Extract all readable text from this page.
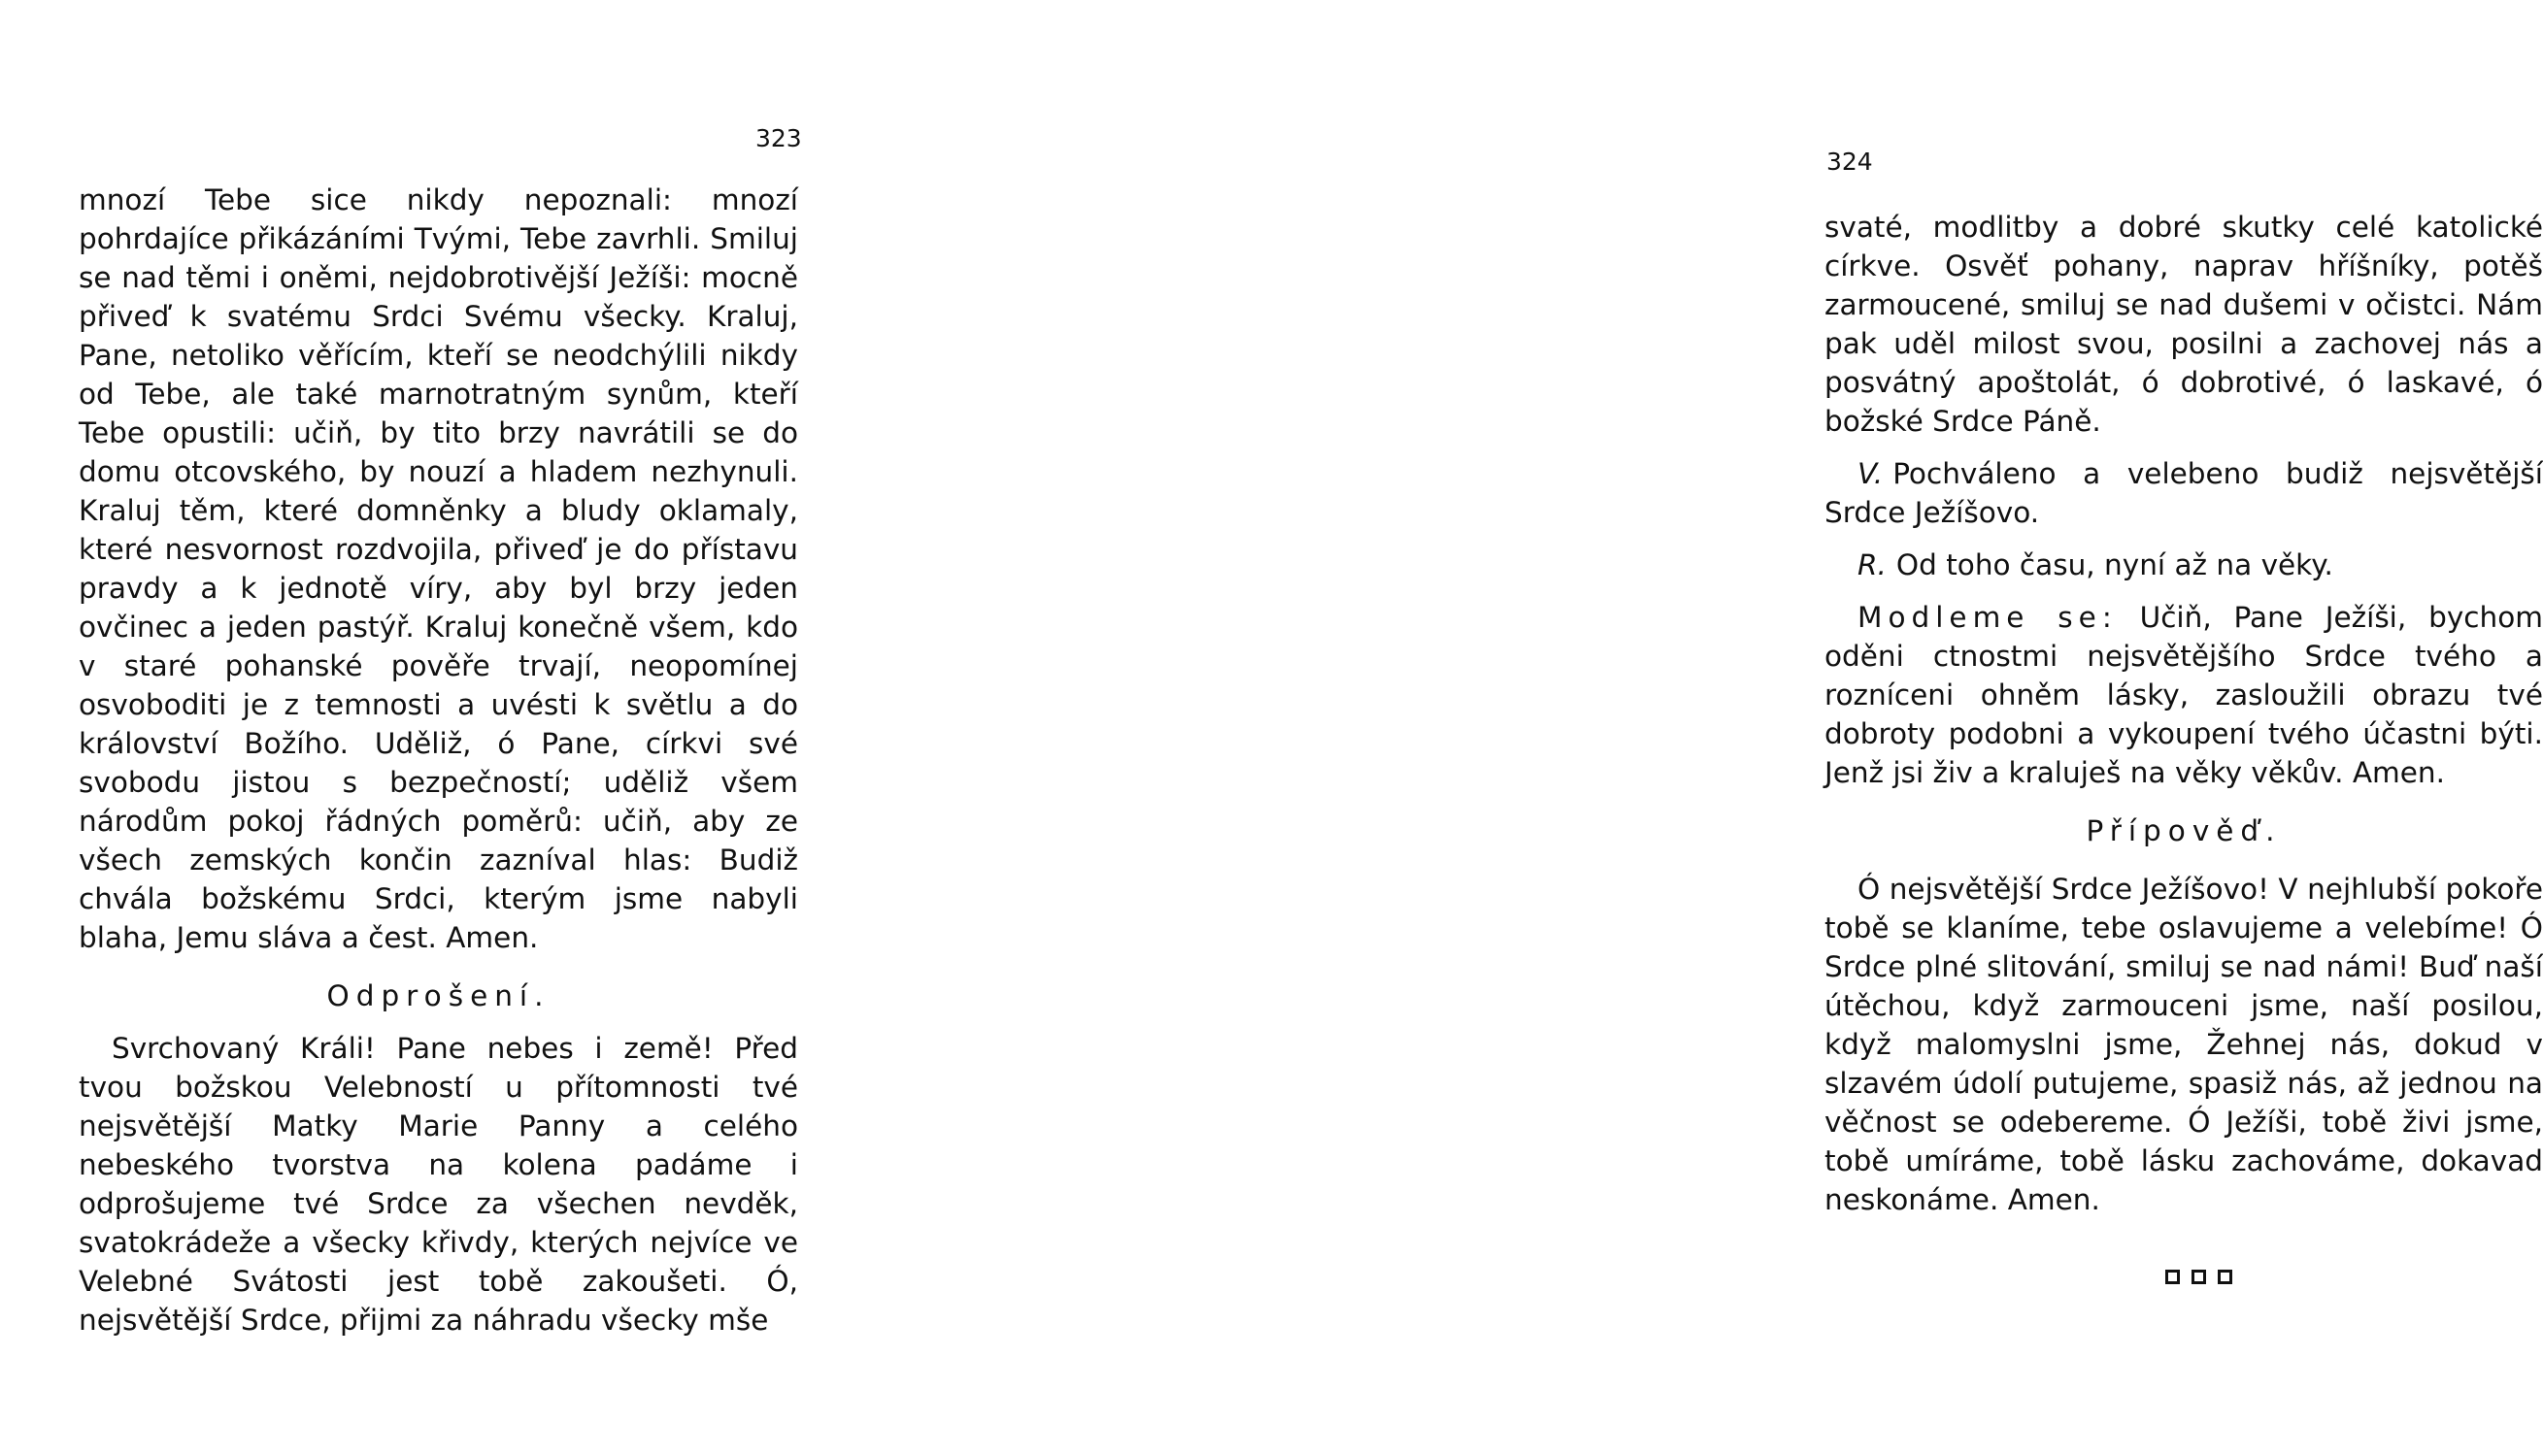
323

mnozí Tebe sice nikdy nepoznali: mnozí pohrdajíce přikázáními Tvými, Tebe zavrhli. Smiluj se nad těmi i oněmi, nejdobrotivější Ježíši: mocně přiveď k svatému Srdci Svému všecky. Kraluj, Pane, netoliko věřícím, kteří se neodchýlili nikdy od Tebe, ale také marnotratným synům, kteří Tebe opustili: učiň, by tito brzy navrátili se do domu otcovského, by nouzí a hladem nezhynuli. Kraluj těm, které domněnky a bludy oklamaly, které nesvornost rozdvojila, přiveď je do přístavu pravdy a k jednotě víry, aby byl brzy jeden ovčinec a jeden pastýř. Kraluj konečně všem, kdo v staré pohanské pověře trvají, neopomínej osvoboditi je z temnosti a uvésti k světlu a do království Božího. Uděliž, ó Pane, církvi své svobodu jistou s bezpečností; uděliž všem národům pokoj řádných poměrů: učiň, aby ze všech zemských končin zazníval hlas: Budiž chvála božskému Srdci, kterým jsme nabyli blaha, Jemu sláva a čest. Amen.

Odprošení.

Svrchovaný Králi! Pane nebes i země! Před tvou božskou Velebností u přítomnosti tvé nejsvětější Matky Marie Panny a celého nebeského tvorstva na kolena padáme i odprošujeme tvé Srdce za všechen nevděk, svatokrádeže a všecky křivdy, kterých nejvíce ve Velebné Svátosti jest tobě zakoušeti. Ó, nejsvětější Srdce, přijmi za náhradu všecky mše

324

svaté, modlitby a dobré skutky celé katolické církve. Osvěť pohany, naprav hříšníky, potěš zarmoucené, smiluj se nad dušemi v očistci. Nám pak uděl milost svou, posilni a zachovej nás a posvátný apoštolát, ó dobrotivé, ó laskavé, ó božské Srdce Páně.

V. Pochváleno a velebeno budiž nejsvětější Srdce Ježíšovo.

R. Od toho času, nyní až na věky.

Modleme se: Učiň, Pane Ježíši, bychom oděni ctnostmi nejsvětějšího Srdce tvého a rozníceni ohněm lásky, zasloužili obrazu tvé dobroty podobni a vykoupení tvého účastni býti. Jenž jsi živ a kraluješ na věky věkův. Amen.

Přípověď.

Ó nejsvětější Srdce Ježíšovo! V nejhlubší pokoře tobě se klaníme, tebe oslavujeme a velebíme! Ó Srdce plné slitování, smiluj se nad námi! Buď naší útěchou, když zarmouceni jsme, naší posilou, když malomyslni jsme, Žehnej nás, dokud v slzavém údolí putujeme, spasiž nás, až jednou na věčnost se odebereme. Ó Ježíši, tobě živi jsme, tobě umíráme, tobě lásku zachováme, dokavad neskonáme. Amen.
